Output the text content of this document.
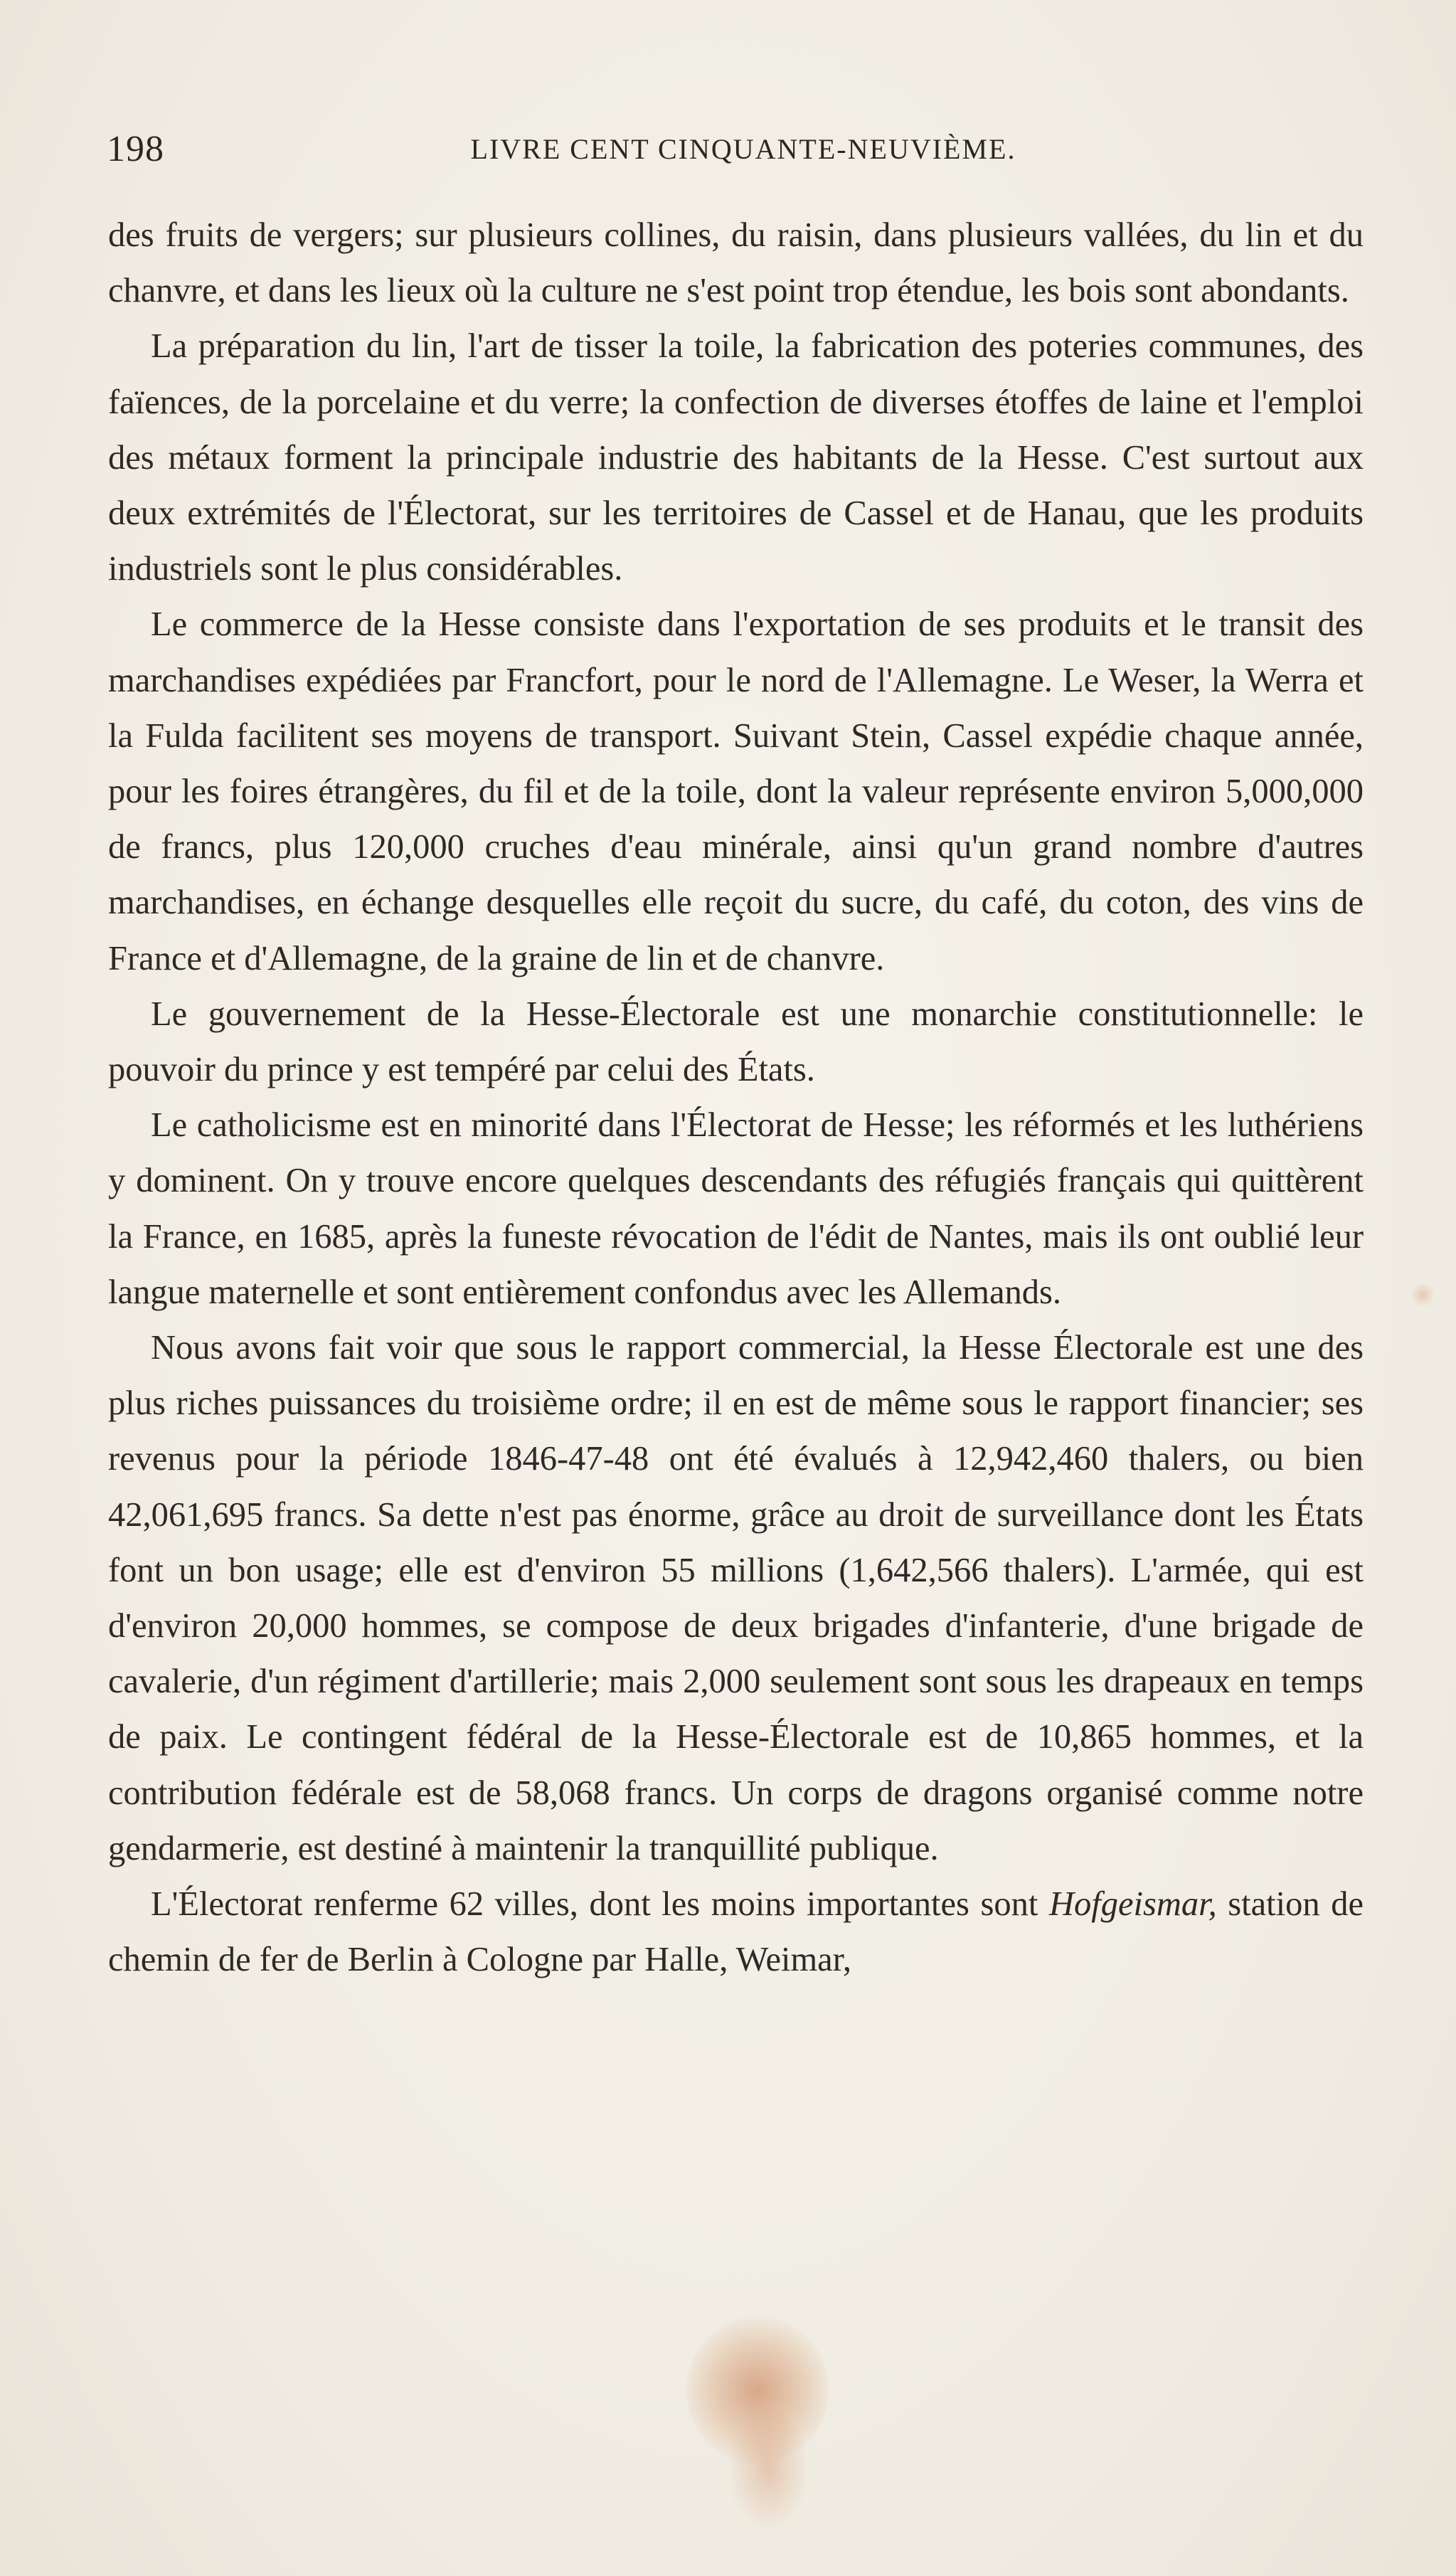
198	LIVRE CENT CINQUANTE-NEUVIÈME.

des fruits de vergers; sur plusieurs collines, du raisin, dans plusieurs vallées, du lin et du chanvre, et dans les lieux où la culture ne s'est point trop étendue, les bois sont abondants.

La préparation du lin, l'art de tisser la toile, la fabrication des poteries communes, des faïences, de la porcelaine et du verre; la confection de diverses étoffes de laine et l'emploi des métaux forment la principale industrie des habitants de la Hesse. C'est surtout aux deux extrémités de l'Électorat, sur les territoires de Cassel et de Hanau, que les produits industriels sont le plus considérables.

Le commerce de la Hesse consiste dans l'exportation de ses produits et le transit des marchandises expédiées par Francfort, pour le nord de l'Allemagne. Le Weser, la Werra et la Fulda facilitent ses moyens de transport. Suivant Stein, Cassel expédie chaque année, pour les foires étrangères, du fil et de la toile, dont la valeur représente environ 5,000,000 de francs, plus 120,000 cruches d'eau minérale, ainsi qu'un grand nombre d'autres marchandises, en échange desquelles elle reçoit du sucre, du café, du coton, des vins de France et d'Allemagne, de la graine de lin et de chanvre.

Le gouvernement de la Hesse-Électorale est une monarchie constitutionnelle: le pouvoir du prince y est tempéré par celui des États.

Le catholicisme est en minorité dans l'Électorat de Hesse; les réformés et les luthériens y dominent. On y trouve encore quelques descendants des réfugiés français qui quittèrent la France, en 1685, après la funeste révocation de l'édit de Nantes, mais ils ont oublié leur langue maternelle et sont entièrement confondus avec les Allemands.

Nous avons fait voir que sous le rapport commercial, la Hesse Électorale est une des plus riches puissances du troisième ordre; il en est de même sous le rapport financier; ses revenus pour la période 1846-47-48 ont été évalués à 12,942,460 thalers, ou bien 42,061,695 francs. Sa dette n'est pas énorme, grâce au droit de surveillance dont les États font un bon usage; elle est d'environ 55 millions (1,642,566 thalers). L'armée, qui est d'environ 20,000 hommes, se compose de deux brigades d'infanterie, d'une brigade de cavalerie, d'un régiment d'artillerie; mais 2,000 seulement sont sous les drapeaux en temps de paix. Le contingent fédéral de la Hesse-Électorale est de 10,865 hommes, et la contribution fédérale est de 58,068 francs. Un corps de dragons organisé comme notre gendarmerie, est destiné à maintenir la tranquillité publique.

L'Électorat renferme 62 villes, dont les moins importantes sont Hofgeismar, station de chemin de fer de Berlin à Cologne par Halle, Weimar,
